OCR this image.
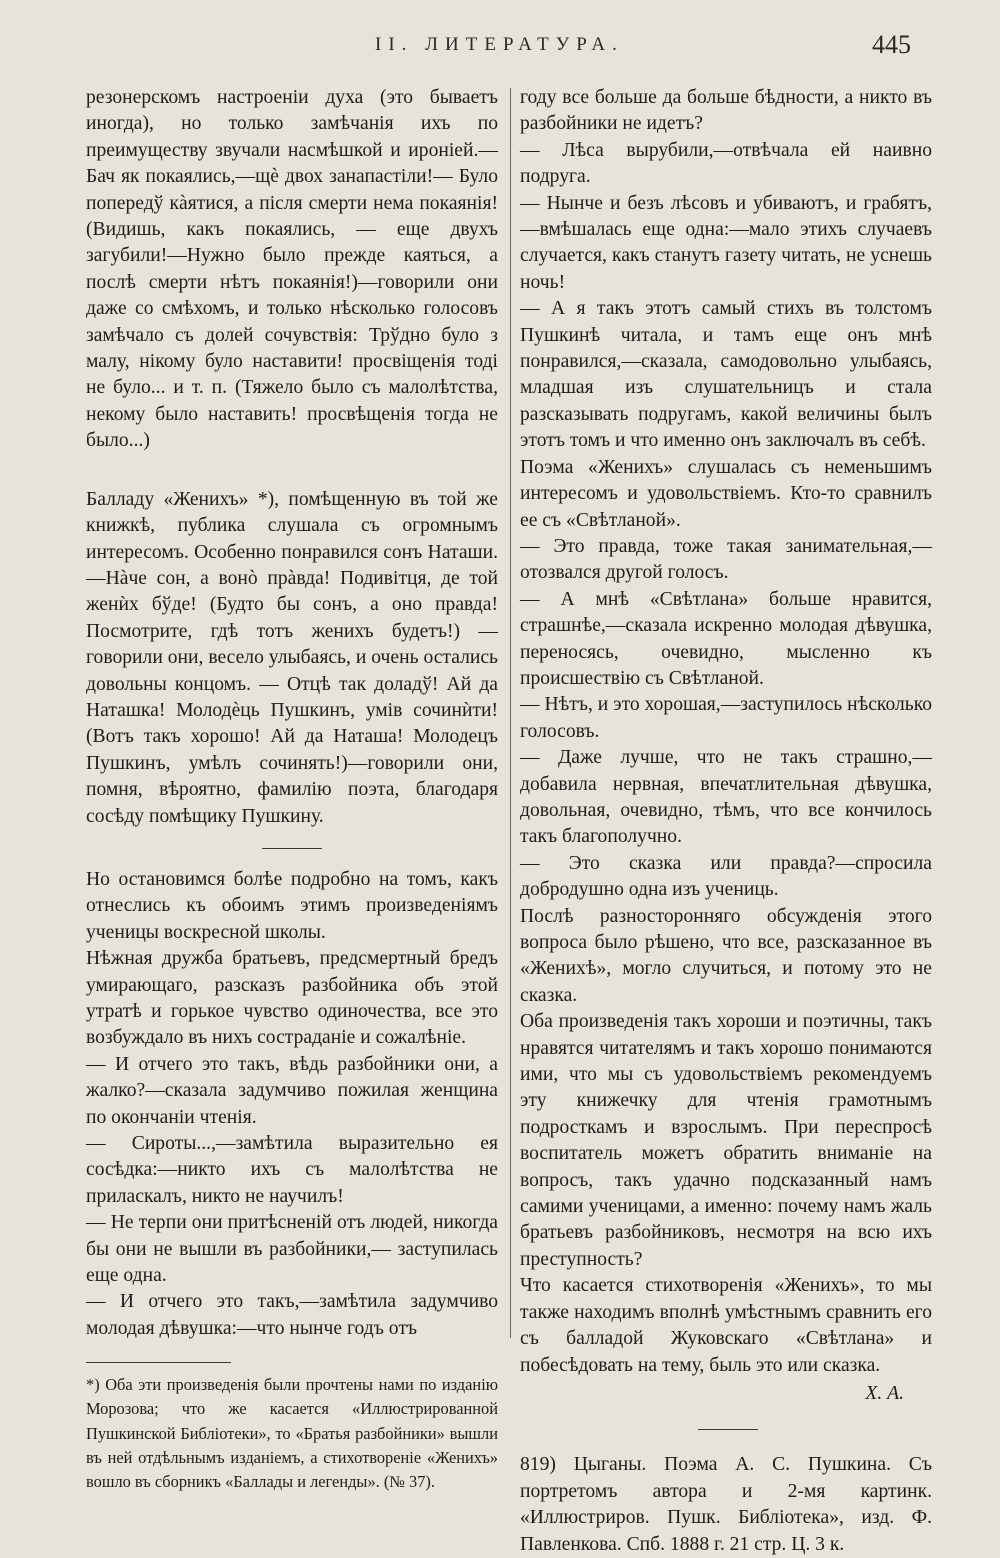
II. ЛИТЕРАТУРА.	445

резонерскомъ настроеніи духа (это бываетъ иногда), но только замѣчанія ихъ по преимуществу звучали насмѣшкой и ироніей.— Бач як покаялись,—щѐ двох занапастіли!— Було попередў кàятися, а після смерти нема покаянія! (Видишь, какъ покаялись, — еще двухъ загубили!—Нужно было прежде каяться, а послѣ смерти нѣтъ покаянія!)—говорили они даже со смѣхомъ, и только нѣсколько голосовъ замѣчало съ долей сочувствія: Трўдно було з малу, нікому було наставити! просвіщенія тоді не було... и т. п. (Тяжело было съ малолѣтства, некому было наставить! просвѣщенія тогда не было...)

Балладу «Женихъ» *), помѣщенную въ той же книжкѣ, публика слушала съ огромнымъ интересомъ. Особенно понравился сонъ Наташи.—Нàче сон, а вонò прàвда! Подивітця, де той женѝх бўде! (Будто бы сонъ, а оно правда! Посмотрите, гдѣ тотъ женихъ будетъ!) — говорили они, весело улыбаясь, и очень остались довольны концомъ. — Отцѣ так доладў! Ай да Наташка! Молодѐць Пушкинъ, умів сочинѝти! (Вотъ такъ хорошо! Ай да Наташа! Молодецъ Пушкинъ, умѣлъ сочинять!)—говорили они, помня, вѣроятно, фамилію поэта, благодаря сосѣду помѣщику Пушкину.

Но остановимся болѣе подробно на томъ, какъ отнеслись къ обоимъ этимъ произведеніямъ ученицы воскресной школы.

Нѣжная дружба братьевъ, предсмертный бредъ умирающаго, разсказъ разбойника объ этой утратѣ и горькое чувство одиночества, все это возбуждало въ нихъ состраданіе и сожалѣніе.

— И отчего это такъ, вѣдь разбойники они, а жалко?—сказала задумчиво пожилая женщина по окончаніи чтенія.

— Сироты...,—замѣтила выразительно ея сосѣдка:—никто ихъ съ малолѣтства не приласкалъ, никто не научилъ!

— Не терпи они притѣсненій отъ людей, никогда бы они не вышли въ разбойники,— заступилась еще одна.

— И отчего это такъ,—замѣтила задумчиво молодая дѣвушка:—что нынче годъ отъ

*) Оба эти произведенія были прочтены нами по изданію Морозова; что же касается «Иллюстрированной Пушкинской Библіотеки», то «Братья разбойники» вышли въ ней отдѣльнымъ изданіемъ, а стихотвореніе «Женихъ» вошло въ сборникъ «Баллады и легенды». (№ 37).

году все больше да больше бѣдности, а никто въ разбойники не идетъ?

— Лѣса вырубили,—отвѣчала ей наивно подруга.

— Нынче и безъ лѣсовъ и убиваютъ, и грабятъ,—вмѣшалась еще одна:—мало этихъ случаевъ случается, какъ станутъ газету читать, не уснешь ночь!

— А я такъ этотъ самый стихъ въ толстомъ Пушкинѣ читала, и тамъ еще онъ мнѣ понравился,—сказала, самодовольно улыбаясь, младшая изъ слушательницъ и стала разсказывать подругамъ, какой величины былъ этотъ томъ и что именно онъ заключалъ въ себѣ.

Поэма «Женихъ» слушалась съ неменьшимъ интересомъ и удовольствіемъ. Кто-то сравнилъ ее съ «Свѣтланой».

— Это правда, тоже такая занимательная,—отозвался другой голосъ.

— А мнѣ «Свѣтлана» больше нравится, страшнѣе,—сказала искренно молодая дѣвушка, переносясь, очевидно, мысленно къ происшествію съ Свѣтланой.

— Нѣтъ, и это хорошая,—заступилось нѣсколько голосовъ.

— Даже лучше, что не такъ страшно,— добавила нервная, впечатлительная дѣвушка, довольная, очевидно, тѣмъ, что все кончилось такъ благополучно.

— Это сказка или правда?—спросила добродушно одна изъ учениць.

Послѣ разносторонняго обсужденія этого вопроса было рѣшено, что все, разсказанное въ «Женихѣ», могло случиться, и потому это не сказка.

Оба произведенія такъ хороши и поэтичны, такъ нравятся читателямъ и такъ хорошо понимаются ими, что мы съ удовольствіемъ рекомендуемъ эту книжечку для чтенія грамотнымъ подросткамъ и взрослымъ. При переспросѣ воспитатель можетъ обратить вниманіе на вопросъ, такъ удачно подсказанный намъ самими ученицами, а именно: почему намъ жаль братьевъ разбойниковъ, несмотря на всю ихъ преступность?

Что касается стихотворенія «Женихъ», то мы также находимъ вполнѣ умѣстнымъ сравнить его съ балладой Жуковскаго «Свѣтлана» и побесѣдовать на тему, быль это или сказка.

Х. А.

819) Цыганы. Поэма А. С. Пушкина. Съ портретомъ автора и 2-мя картинк. «Иллюстриров. Пушк. Библіотека», изд. Ф. Павленкова. Спб. 1888 г. 21 стр. Ц. 3 к.
